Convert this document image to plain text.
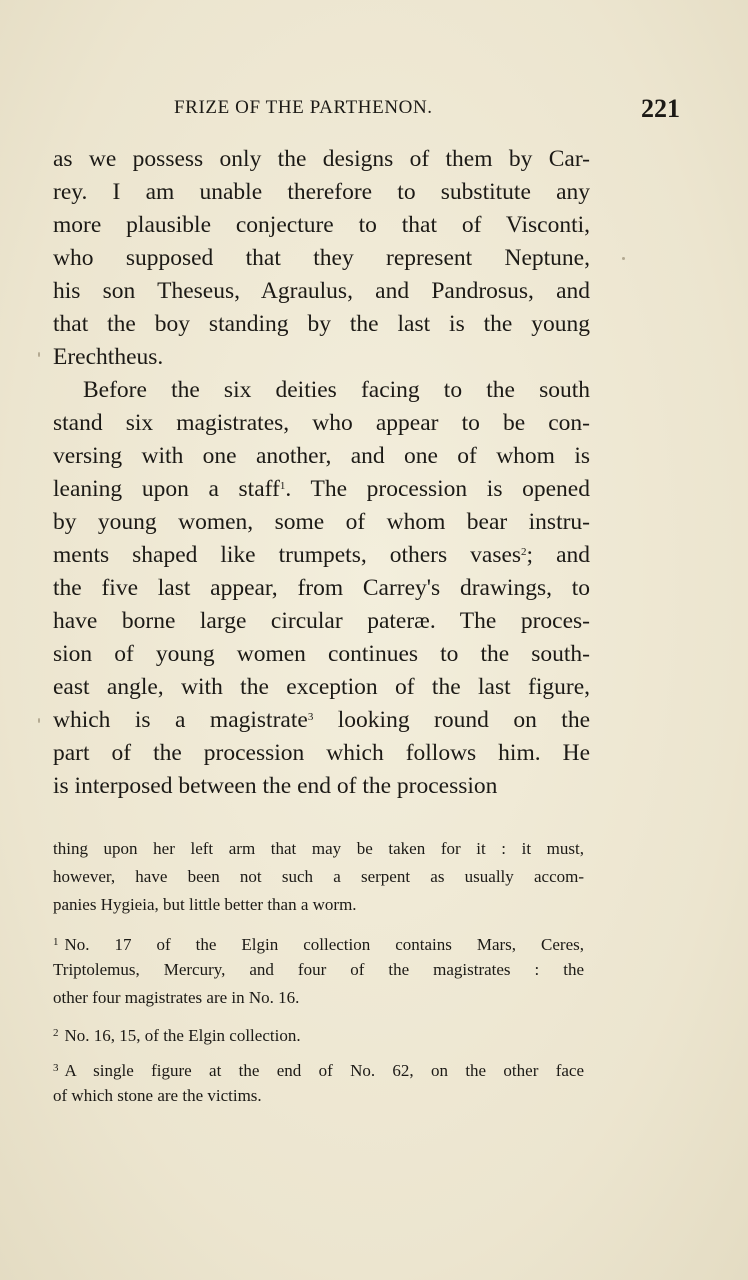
FRIZE OF THE PARTHENON.	221
as we possess only the designs of them by Car-
rey. I am unable therefore to substitute any
more plausible conjecture to that of Visconti,
who supposed that they represent Neptune,
his son Theseus, Agraulus, and Pandrosus, and
that the boy standing by the last is the young
Erechtheus.
Before the six deities facing to the south
stand six magistrates, who appear to be con-
versing with one another, and one of whom is
leaning upon a staff$^1$. The procession is opened
by young women, some of whom bear instru-
ments shaped like trumpets, others vases$^2$; and
the five last appear, from Carrey's drawings, to
have borne large circular pateræ. The proces-
sion of young women continues to the south-
east angle, with the exception of the last figure,
which is a magistrate$^3$ looking round on the
part of the procession which follows him. He
is interposed between the end of the procession
thing upon her left arm that may be taken for it : it must,
however, have been not such a serpent as usually accom-
panies Hygieia, but little better than a worm.
$^1$ No. 17 of the Elgin collection contains Mars, Ceres,
Triptolemus, Mercury, and four of the magistrates : the
other four magistrates are in No. 16.
$^2$ No. 16, 15, of the Elgin collection.
$^3$ A single figure at the end of No. 62, on the other face
of which stone are the victims.
